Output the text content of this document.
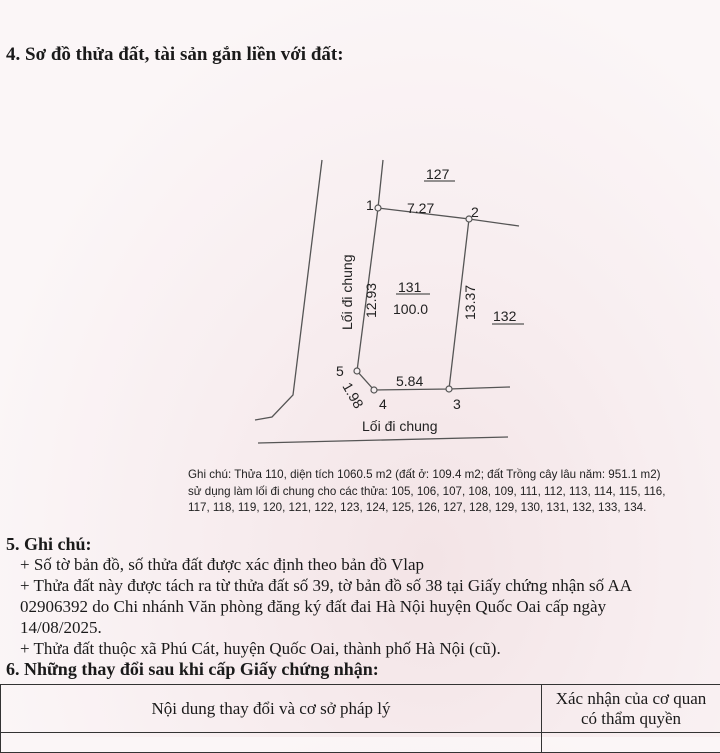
4. Sơ đồ thửa đất, tài sản gắn liền với đất:
127
132
131
100.0
1	2
3
4
5
7.27
5.84
12.93	13.37
1.98
Lối đi chung
Lối đi chung
Ghi chú: Thửa 110, diện tích 1060.5 m2 (đất ở: 109.4 m2; đất Trồng cây lâu năm: 951.1 m2)
sử dụng làm lối đi chung cho các thửa: 105, 106, 107, 108, 109, 111, 112, 113, 114, 115, 116,
117, 118, 119, 120, 121, 122, 123, 124, 125, 126, 127, 128, 129, 130, 131, 132, 133, 134.
5. Ghi chú:
+ Số tờ bản đồ, số thửa đất được xác định theo bản đồ Vlap
+ Thửa đất này được tách ra từ thửa đất số 39, tờ bản đồ số 38 tại Giấy chứng nhận số AA
02906392 do Chi nhánh Văn phòng đăng ký đất đai Hà Nội huyện Quốc Oai cấp ngày
14/08/2025.
+ Thửa đất thuộc xã Phú Cát, huyện Quốc Oai, thành phố Hà Nội (cũ).
6. Những thay đổi sau khi cấp Giấy chứng nhận:
Nội dung thay đổi và cơ sở pháp lý	Xác nhận của cơ quan
có thẩm quyền
